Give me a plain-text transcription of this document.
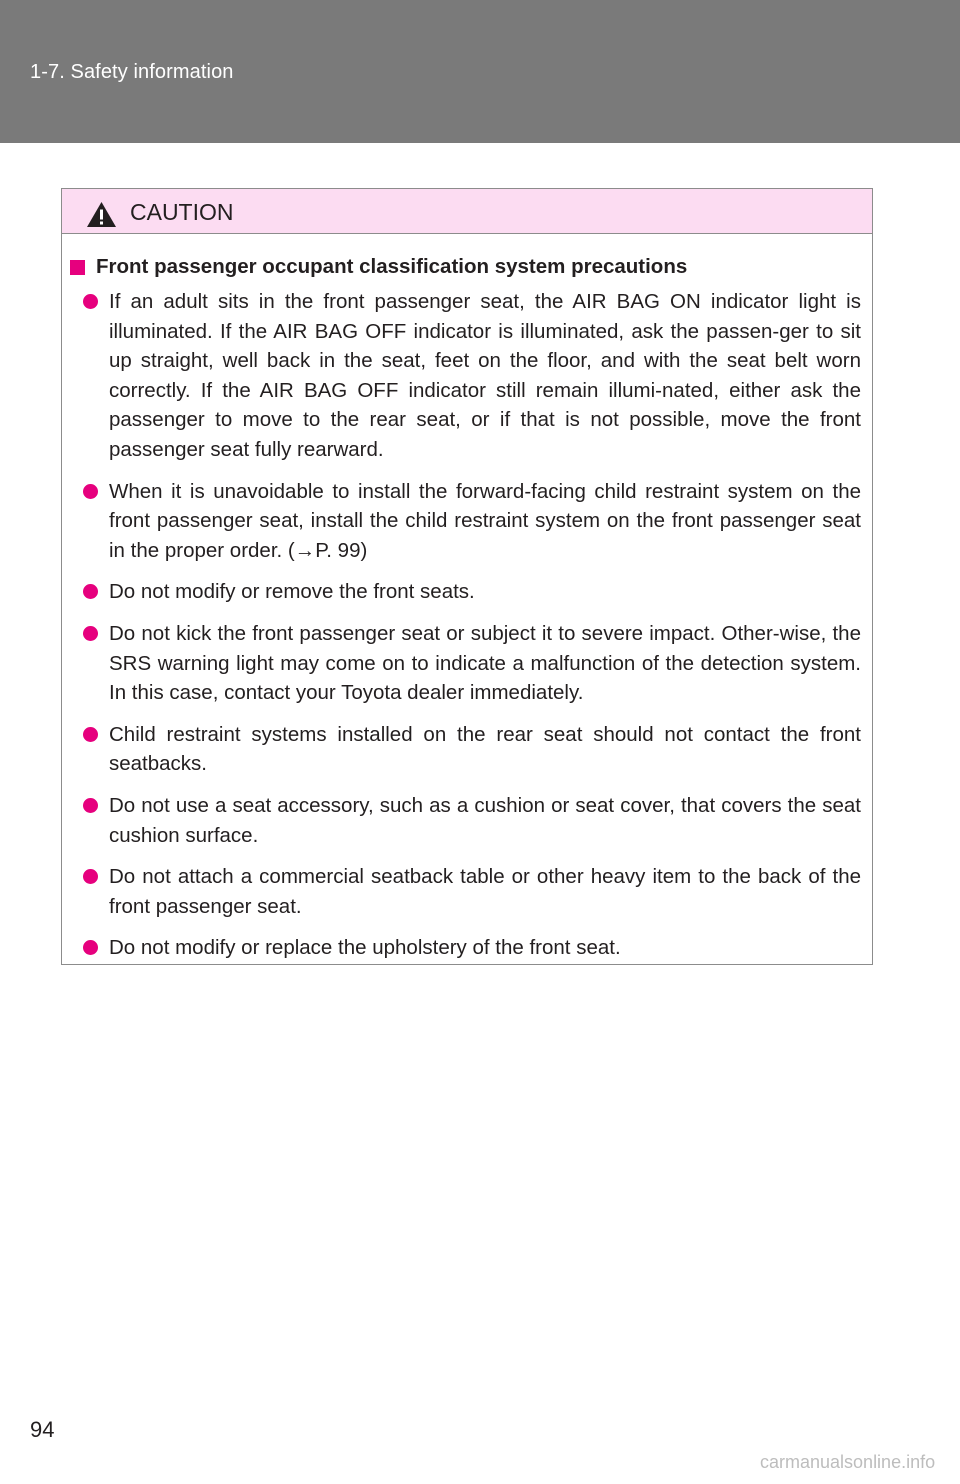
1-7. Safety information
CAUTION
Front passenger occupant classification system precautions
If an adult sits in the front passenger seat, the AIR BAG ON indicator light is illuminated. If the AIR BAG OFF indicator is illuminated, ask the passen-ger to sit up straight, well back in the seat, feet on the floor, and with the seat belt worn correctly. If the AIR BAG OFF indicator still remain illumi-nated, either ask the passenger to move to the rear seat, or if that is not possible, move the front passenger seat fully rearward.
When it is unavoidable to install the forward-facing child restraint system on the front passenger seat, install the child restraint system on the front passenger seat in the proper order. (→P. 99)
Do not modify or remove the front seats.
Do not kick the front passenger seat or subject it to severe impact. Other-wise, the SRS warning light may come on to indicate a malfunction of the detection system. In this case, contact your Toyota dealer immediately.
Child restraint systems installed on the rear seat should not contact the front seatbacks.
Do not use a seat accessory, such as a cushion or seat cover, that covers the seat cushion surface.
Do not attach a commercial seatback table or other heavy item to the back of the front passenger seat.
Do not modify or replace the upholstery of the front seat.
94
carmanualsonline.info
